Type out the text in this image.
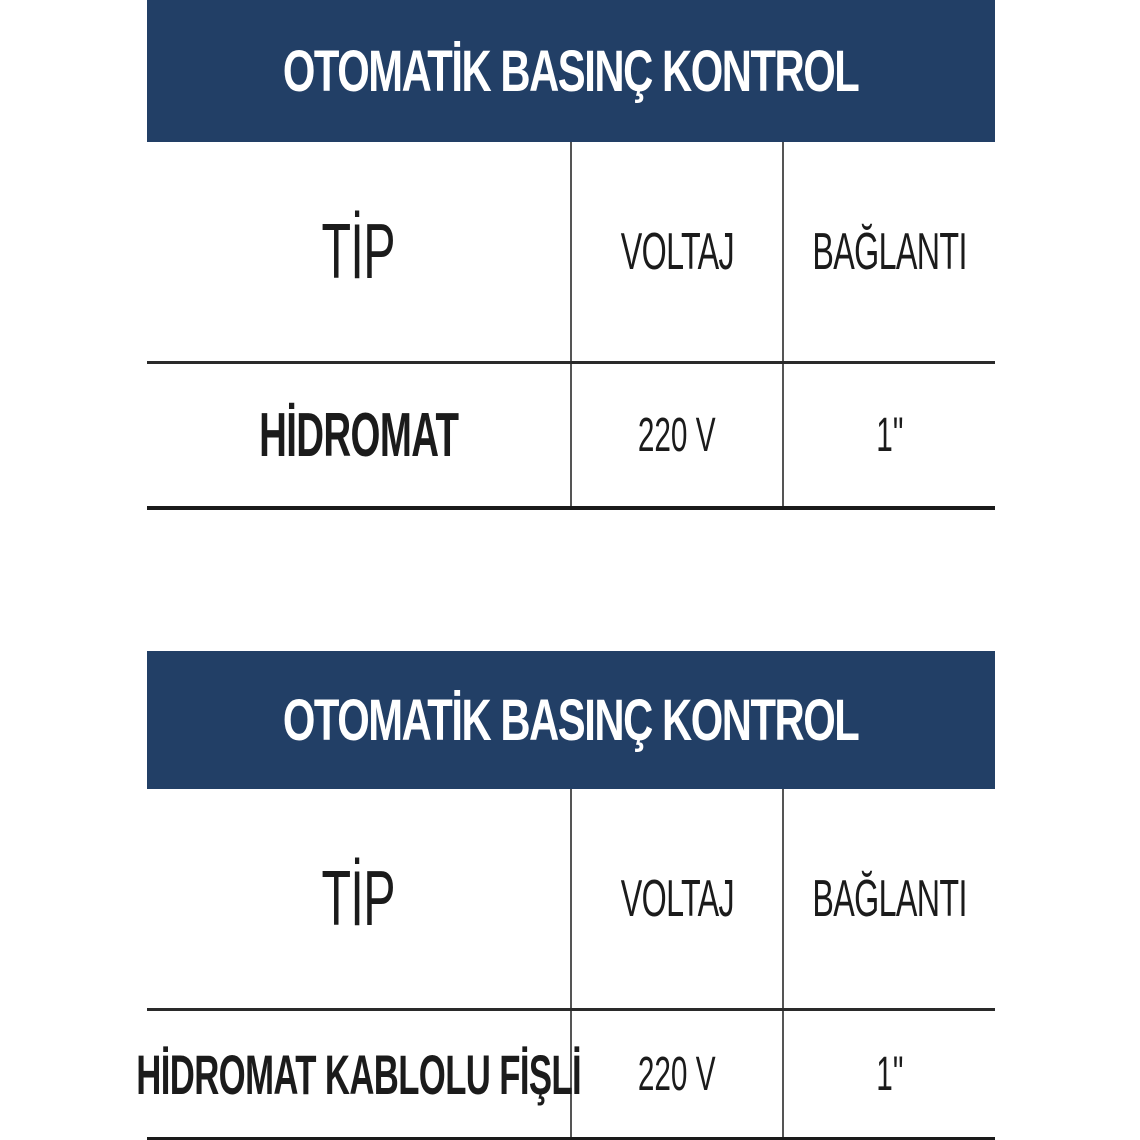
OTOMATİK BASINÇ KONTROL
TİP	VOLTAJ BAĞLANTI
HİDROMAT	220 V	1"
OTOMATİK BASINÇ KONTROL
TİP	VOLTAJ BAĞLANTI
HİDROMAT KABLOLU FİŞLİ 220 V	1"
